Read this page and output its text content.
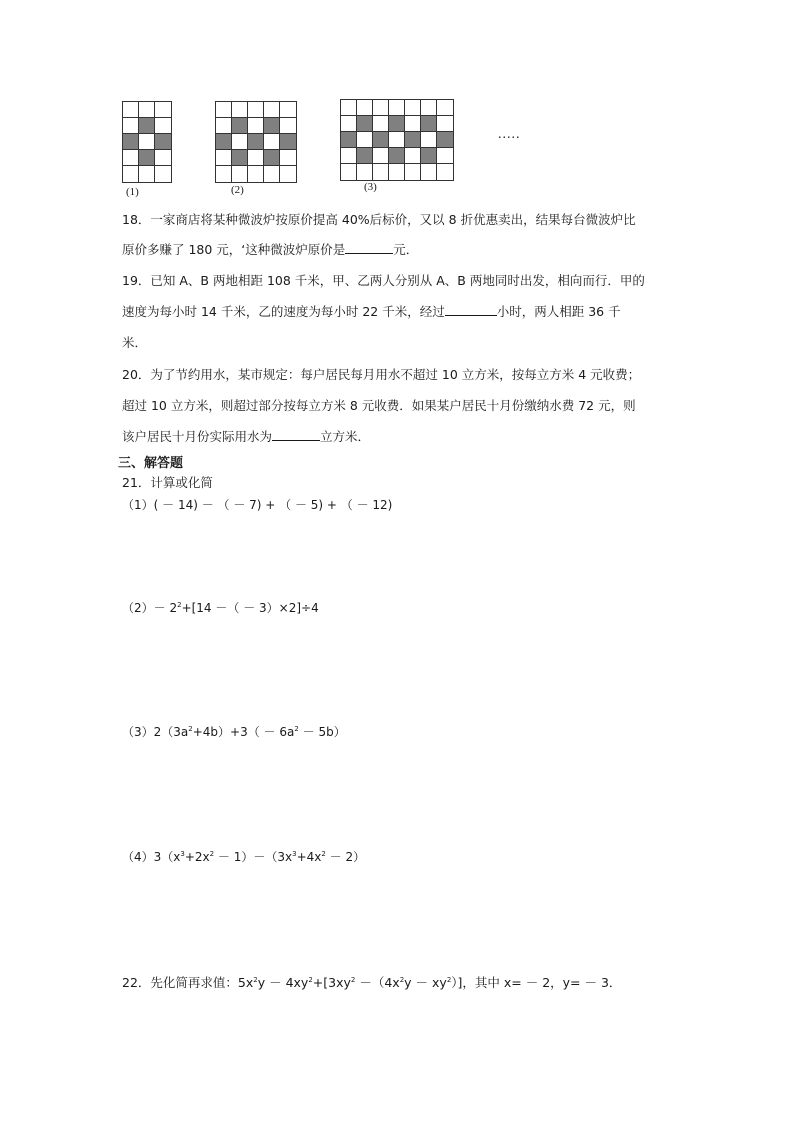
(1)	(2)	(3)
.....
18．一家商店将某种微波炉按原价提高 40%后标价，又以 8 折优惠卖出，结果每台微波炉比
原价多赚了 180 元，‘这种微波炉原价是	元．
19．已知 A、B 两地相距 108 千米，甲、乙两人分别从 A、B 两地同时出发，相向而行．甲的
速度为每小时 14 千米，乙的速度为每小时 22 千米，经过	小时，两人相距 36 千
米．
20．为了节约用水，某市规定：每户居民每月用水不超过 10 立方米，按每立方米 4 元收费；
超过 10 立方米，则超过部分按每立方米 8 元收费．如果某户居民十月份缴纳水费 72 元，则
该户居民十月份实际用水为	立方米．
三、解答题
21．计算或化简
（1）( － 14) － （ － 7) + （ － 5) + （ － 12)
$(2)- 2^2+[14$ －（ － 3）×2]÷4
$(3)2(3a^2+4b)+3( - 6a^2 - 5b)$
$(4)3(x^3+2x^2 - 1)-(3x^3+4x^2 - 2)$
22．先化简再求值：$5x^2y - 4xy^2+[3xy^2 -(4x^2y - xy^2)]$，其中 x= － 2，y= － 3．
